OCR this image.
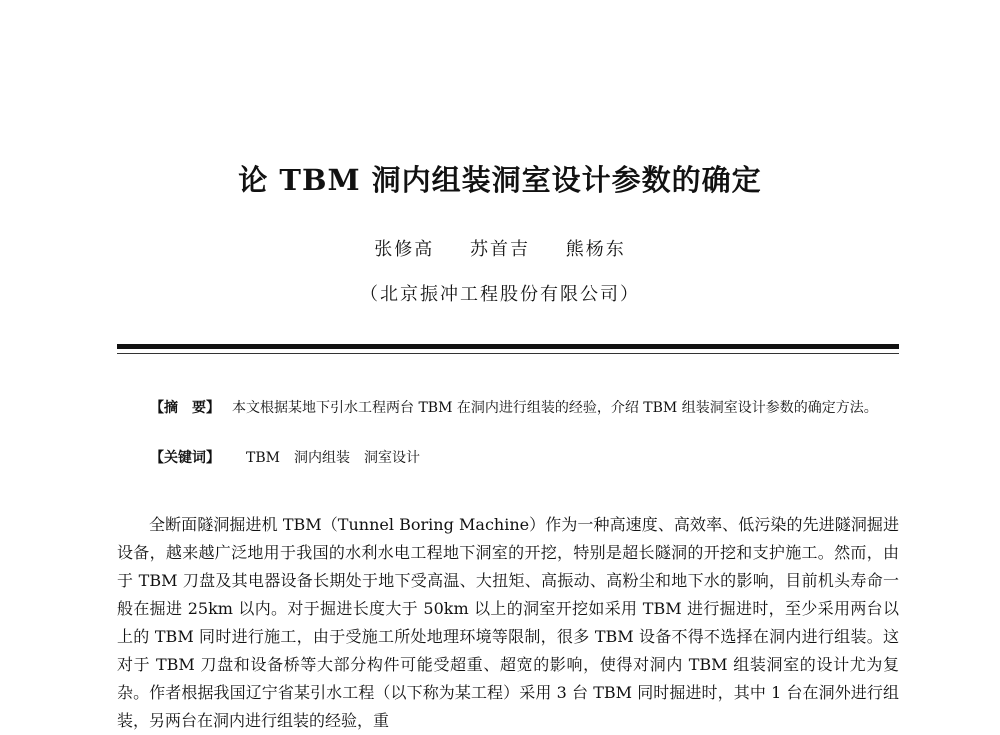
论 TBM 洞内组装洞室设计参数的确定
张修高 苏首吉 熊杨东
（北京振冲工程股份有限公司）
【摘　要】 本文根据某地下引水工程两台 TBM 在洞内进行组装的经验，介绍 TBM 组装洞室设计参数的确定方法。
【关键词】 TBM 洞内组装 洞室设计

全断面隧洞掘进机 TBM（Tunnel Boring Machine）作为一种高速度、高效率、低污染的先进隧洞掘进设备，越来越广泛地用于我国的水利水电工程地下洞室的开挖，特别是超长隧洞的开挖和支护施工。然而，由于 TBM 刀盘及其电器设备长期处于地下受高温、大扭矩、高振动、高粉尘和地下水的影响，目前机头寿命一般在掘进 25km 以内。对于掘进长度大于 50km 以上的洞室开挖如采用 TBM 进行掘进时，至少采用两台以上的 TBM 同时进行施工，由于受施工所处地理环境等限制，很多 TBM 设备不得不选择在洞内进行组装。这对于 TBM 刀盘和设备桥等大部分构件可能受超重、超宽的影响，使得对洞内 TBM 组装洞室的设计尤为复杂。作者根据我国辽宁省某引水工程（以下称为某工程）采用 3 台 TBM 同时掘进时，其中 1 台在洞外进行组装，另两台在洞内进行组装的经验，重
